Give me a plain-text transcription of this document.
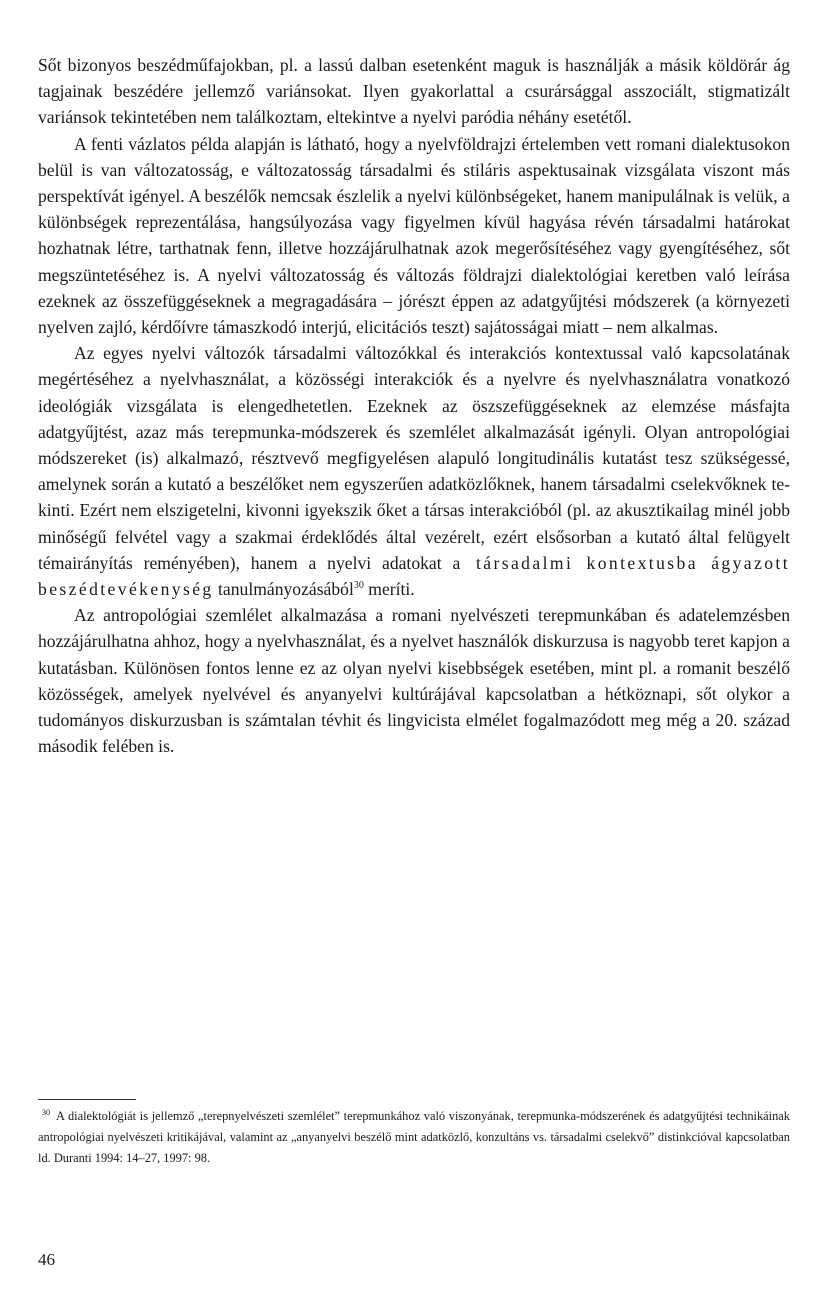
Sőt bizonyos beszédműfajokban, pl. a lassú dalban esetenként maguk is használják a másik köldörár ág tagjainak beszédére jellemző variánsokat. Ilyen gyakorlattal a csurársággal asszociált, stigmatizált variánsok tekintetében nem találkoztam, eltekintve a nyelvi paródia néhány esetétől.

A fenti vázlatos példa alapján is látható, hogy a nyelvföldrajzi értelemben vett romani dialektusokon belül is van változatosság, e változatosság társadalmi és stiláris aspektusainak vizsgálata viszont más perspektívát igényel. A beszélők nemcsak észlelik a nyelvi különbségeket, hanem manipulálnak is velük, a különbségek reprezentálása, hangsúlyozása vagy figyelmen kívül hagyása révén társadalmi határokat hozhatnak létre, tarthatnak fenn, illetve hozzájárulhatnak azok megerősítéséhez vagy gyengítéséhez, sőt megszüntetéséhez is. A nyelvi változatosság és változás földrajzi dialektológiai keretben való leírása ezeknek az összefüggéseknek a megragadására – jórészt éppen az adatgyűjtési módszerek (a környezeti nyelven zajló, kérdőívre támaszkodó interjú, elicitációs teszt) sajátosságai miatt – nem alkalmas.

Az egyes nyelvi változók társadalmi változókkal és interakciós kontextussal való kapcsolatának megértéséhez a nyelvhasználat, a közösségi interakciók és a nyelvre és nyelvhasználatra vonatkozó ideológiák vizsgálata is elengedhetetlen. Ezeknek az öszszefüggéseknek az elemzése másfajta adatgyűjtést, azaz más terepmunka-módszerek és szemlélet alkalmazását igényli. Olyan antropológiai módszereket (is) alkalmazó, résztvevő megfigyelésen alapuló longitudinális kutatást tesz szükségessé, amelynek során a kutató a beszélőket nem egyszerűen adatközlőknek, hanem társadalmi cselekvőknek tekinti. Ezért nem elszigetelni, kivonni igyekszik őket a társas interakcióból (pl. az akusztikailag minél jobb minőségű felvétel vagy a szakmai érdeklődés által vezérelt, ezért elsősorban a kutató által felügyelt témairányítás reményében), hanem a nyelvi adatokat a társadalmi kontextusba ágyazott beszédtevékenység tanulmányozásából$^{30}$ meríti.

Az antropológiai szemlélet alkalmazása a romani nyelvészeti terepmunkában és adatelemzésben hozzájárulhatna ahhoz, hogy a nyelvhasználat, és a nyelvet használók diskurzusa is nagyobb teret kapjon a kutatásban. Különösen fontos lenne ez az olyan nyelvi kisebbségek esetében, mint pl. a romanit beszélő közösségek, amelyek nyelvével és anyanyelvi kultúrájával kapcsolatban a hétköznapi, sőt olykor a tudományos diskurzusban is számtalan tévhit és lingvicista elmélet fogalmazódott meg még a 20. század második felében is.

$^{30}$ A dialektológiát is jellemző „terepnyelvészeti szemlélet” terepmunkához való viszonyának, terepmunka-módszerének és adatgyűjtési technikáinak antropológiai nyelvészeti kritikájával, valamint az „anyanyelvi beszélő mint adatközlő, konzultáns vs. társadalmi cselekvő” distinkcióval kapcsolatban ld. Duranti 1994: 14–27, 1997: 98.
46
